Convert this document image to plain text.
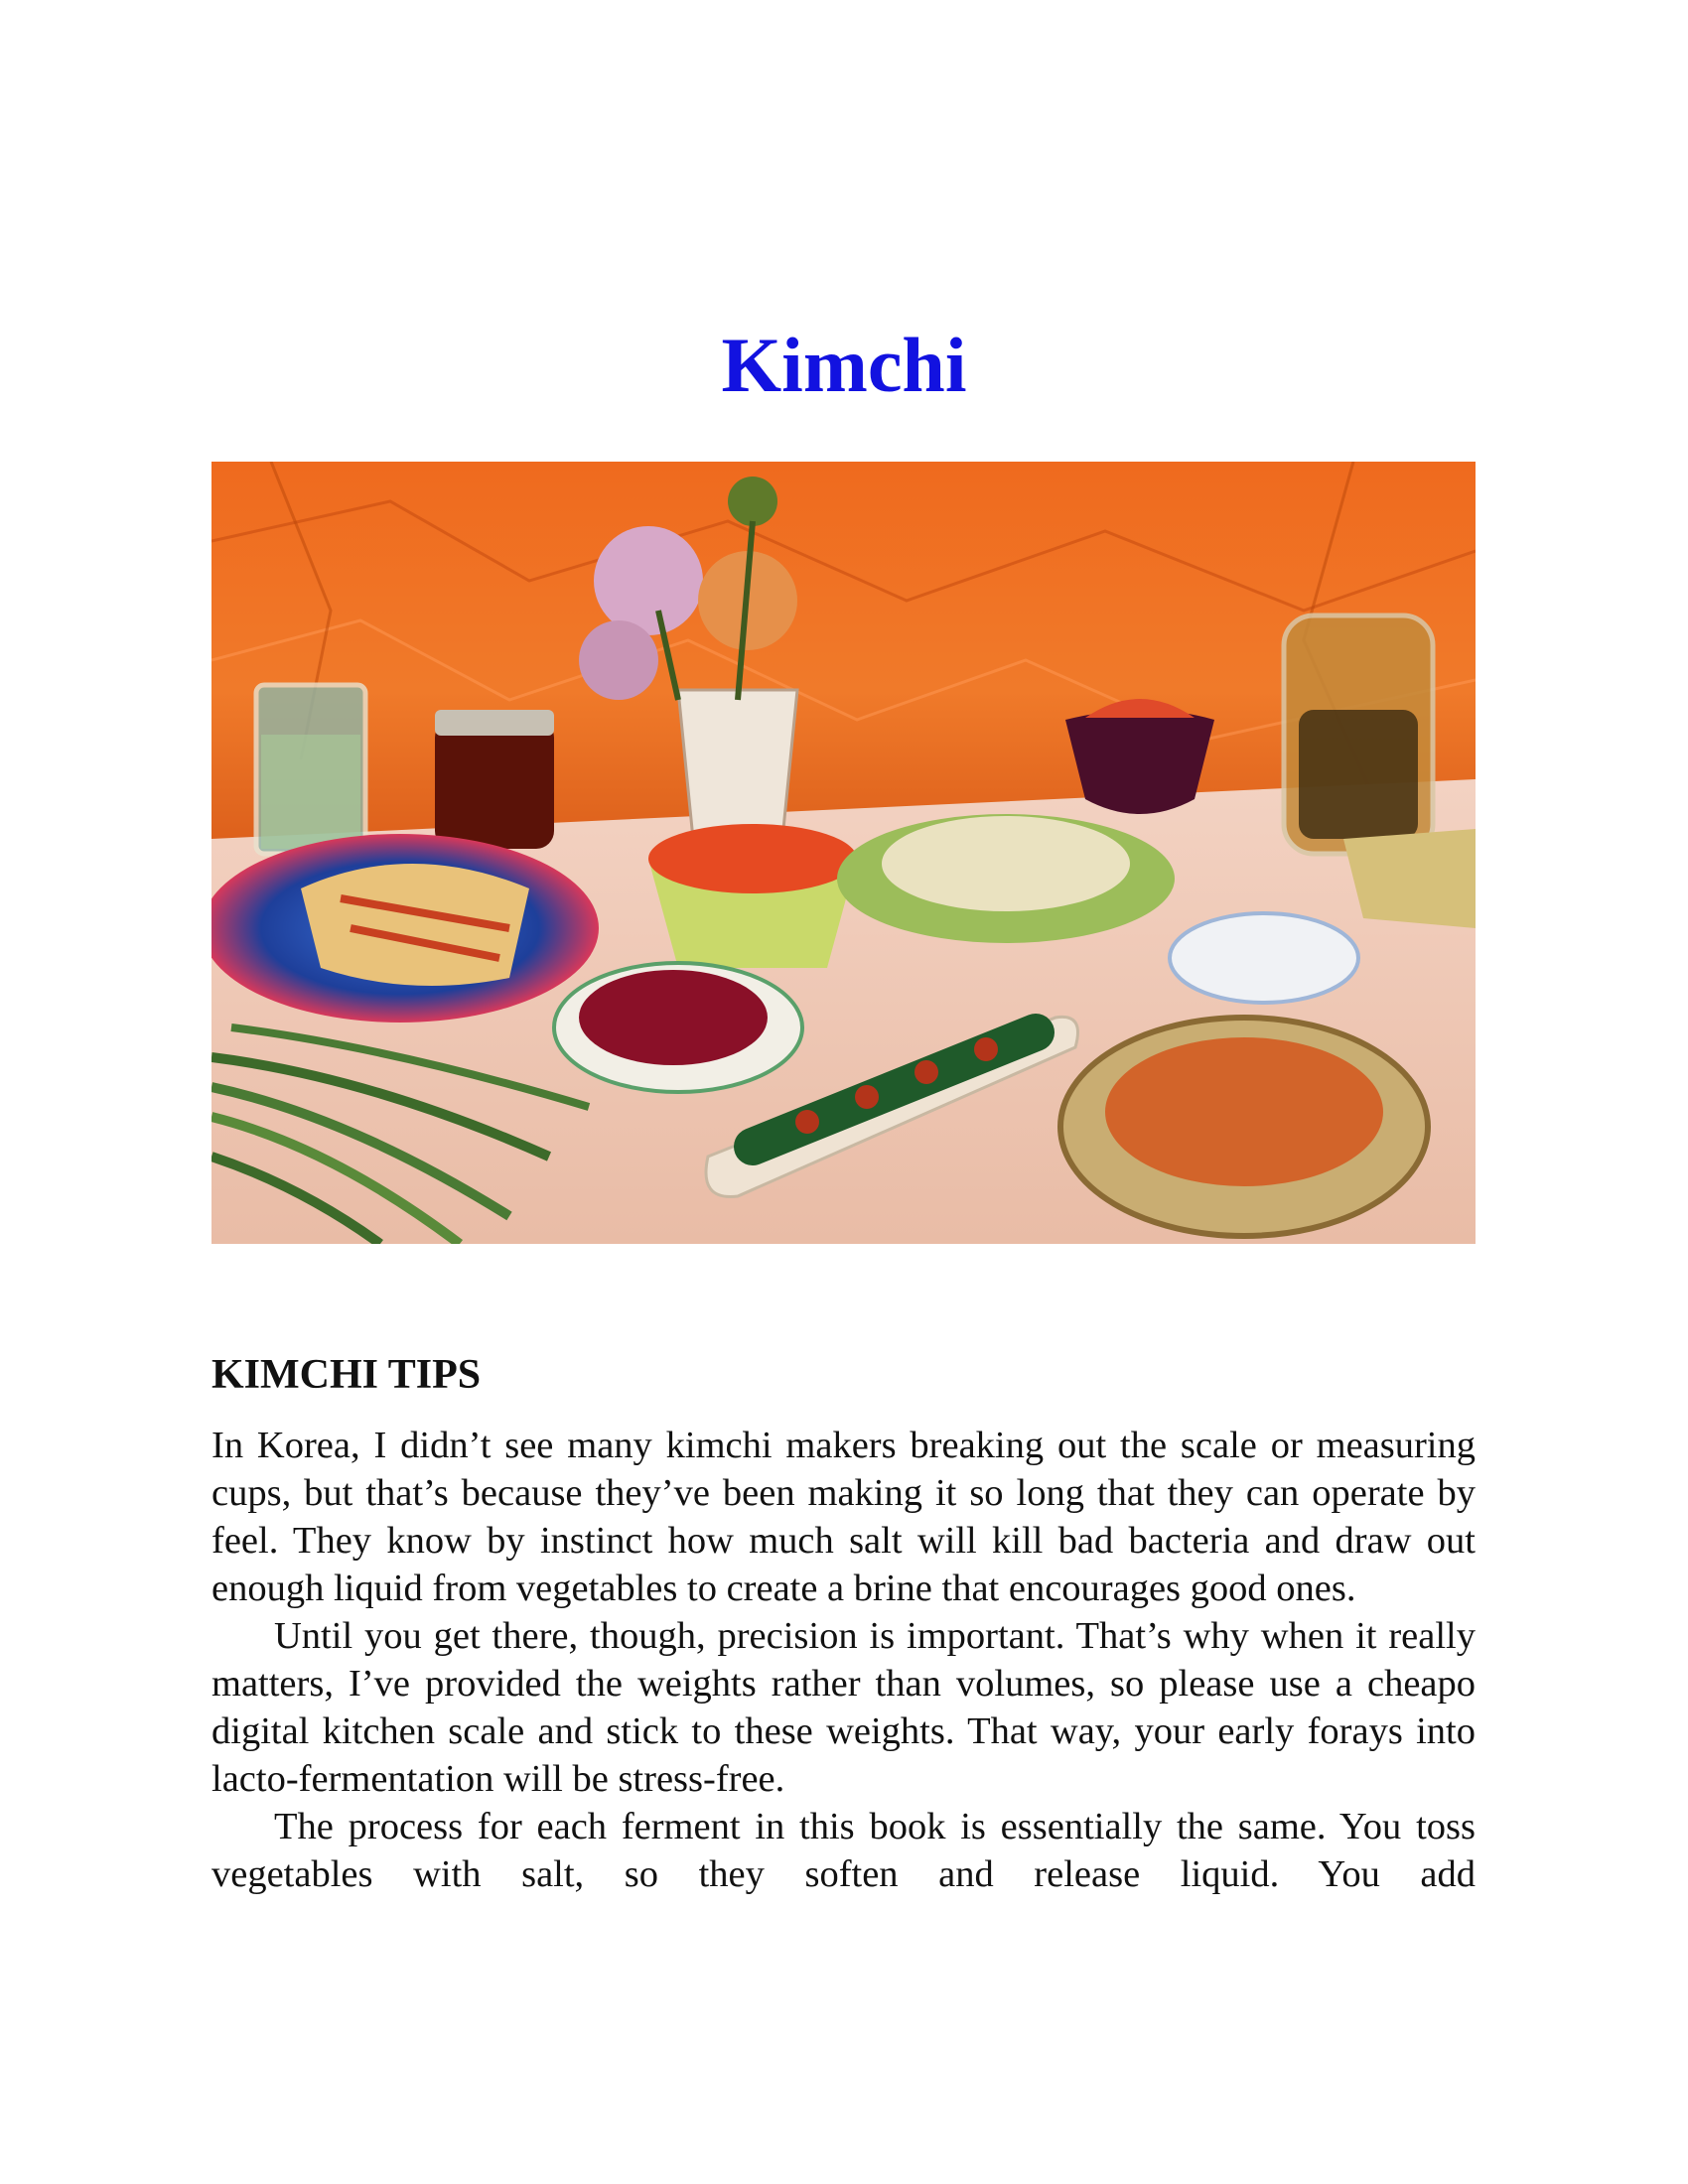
Kimchi
KIMCHI TIPS

In Korea, I didn’t see many kimchi makers breaking out the scale or measuring cups, but that’s because they’ve been making it so long that they can operate by feel. They know by instinct how much salt will kill bad bacteria and draw out enough liquid from vegetables to create a brine that encourages good ones.

Until you get there, though, precision is important. That’s why when it really matters, I’ve provided the weights rather than volumes, so please use a cheapo digital kitchen scale and stick to these weights. That way, your early forays into lacto-fermentation will be stress-free.

The process for each ferment in this book is essentially the same. You toss vegetables with salt, so they soften and release liquid. You add
